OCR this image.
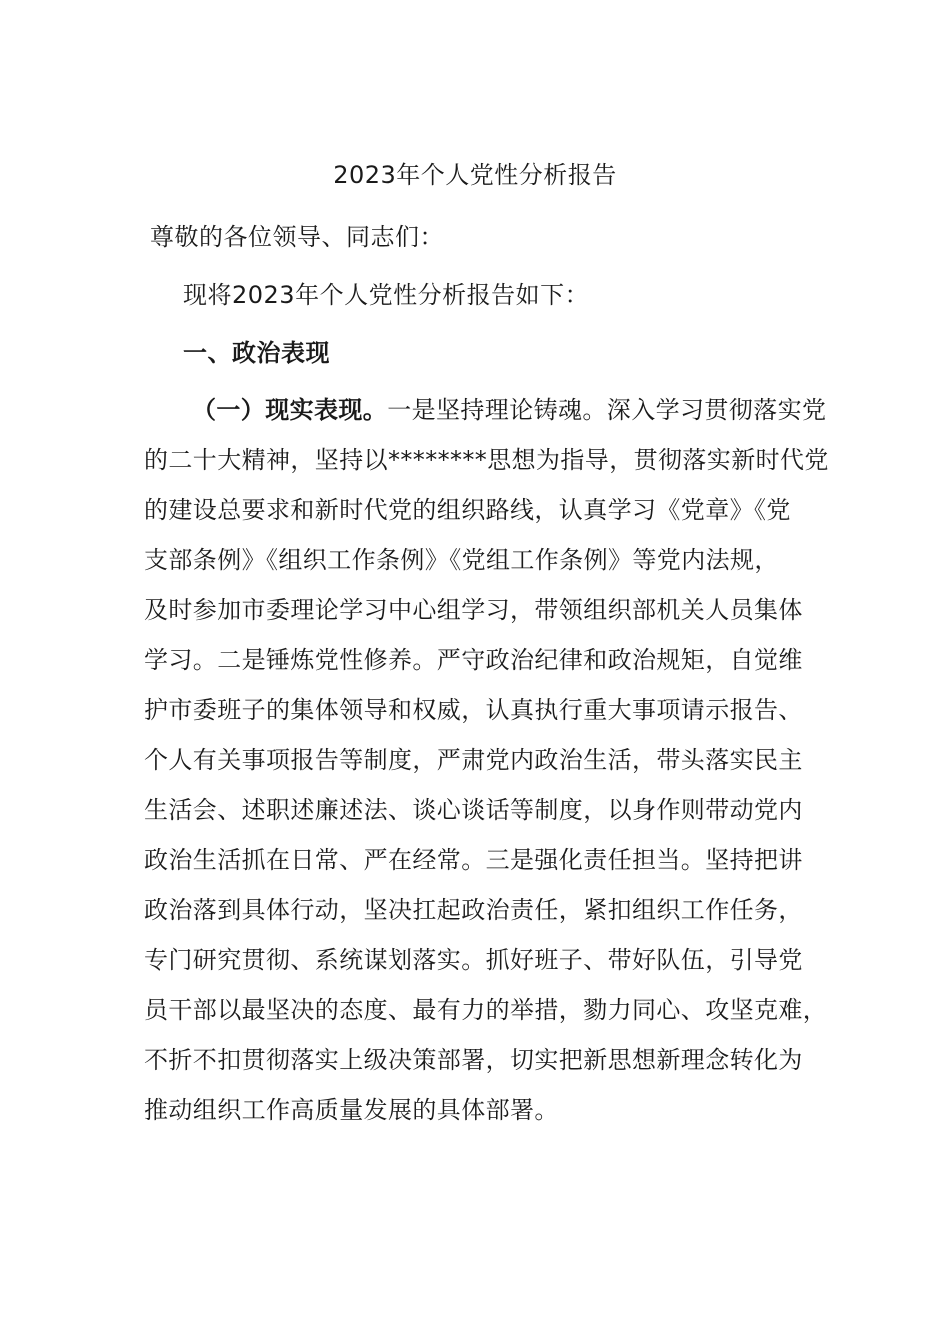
2023年个人党性分析报告
尊敬的各位领导、同志们：
现将2023年个人党性分析报告如下：
一、政治表现
（一）现实表现。一是坚持理论铸魂。深入学习贯彻落实党
的二十大精神，坚持以********思想为指导，贯彻落实新时代党
的建设总要求和新时代党的组织路线，认真学习《党章》《党
支部条例》《组织工作条例》《党组工作条例》等党内法规，
及时参加市委理论学习中心组学习，带领组织部机关人员集体
学习。二是锤炼党性修养。严守政治纪律和政治规矩，自觉维
护市委班子的集体领导和权威，认真执行重大事项请示报告、
个人有关事项报告等制度，严肃党内政治生活，带头落实民主
生活会、述职述廉述法、谈心谈话等制度，以身作则带动党内
政治生活抓在日常、严在经常。三是强化责任担当。坚持把讲
政治落到具体行动，坚决扛起政治责任，紧扣组织工作任务，
专门研究贯彻、系统谋划落实。抓好班子、带好队伍，引导党
员干部以最坚决的态度、最有力的举措，勠力同心、攻坚克难，
不折不扣贯彻落实上级决策部署，切实把新思想新理念转化为
推动组织工作高质量发展的具体部署。
